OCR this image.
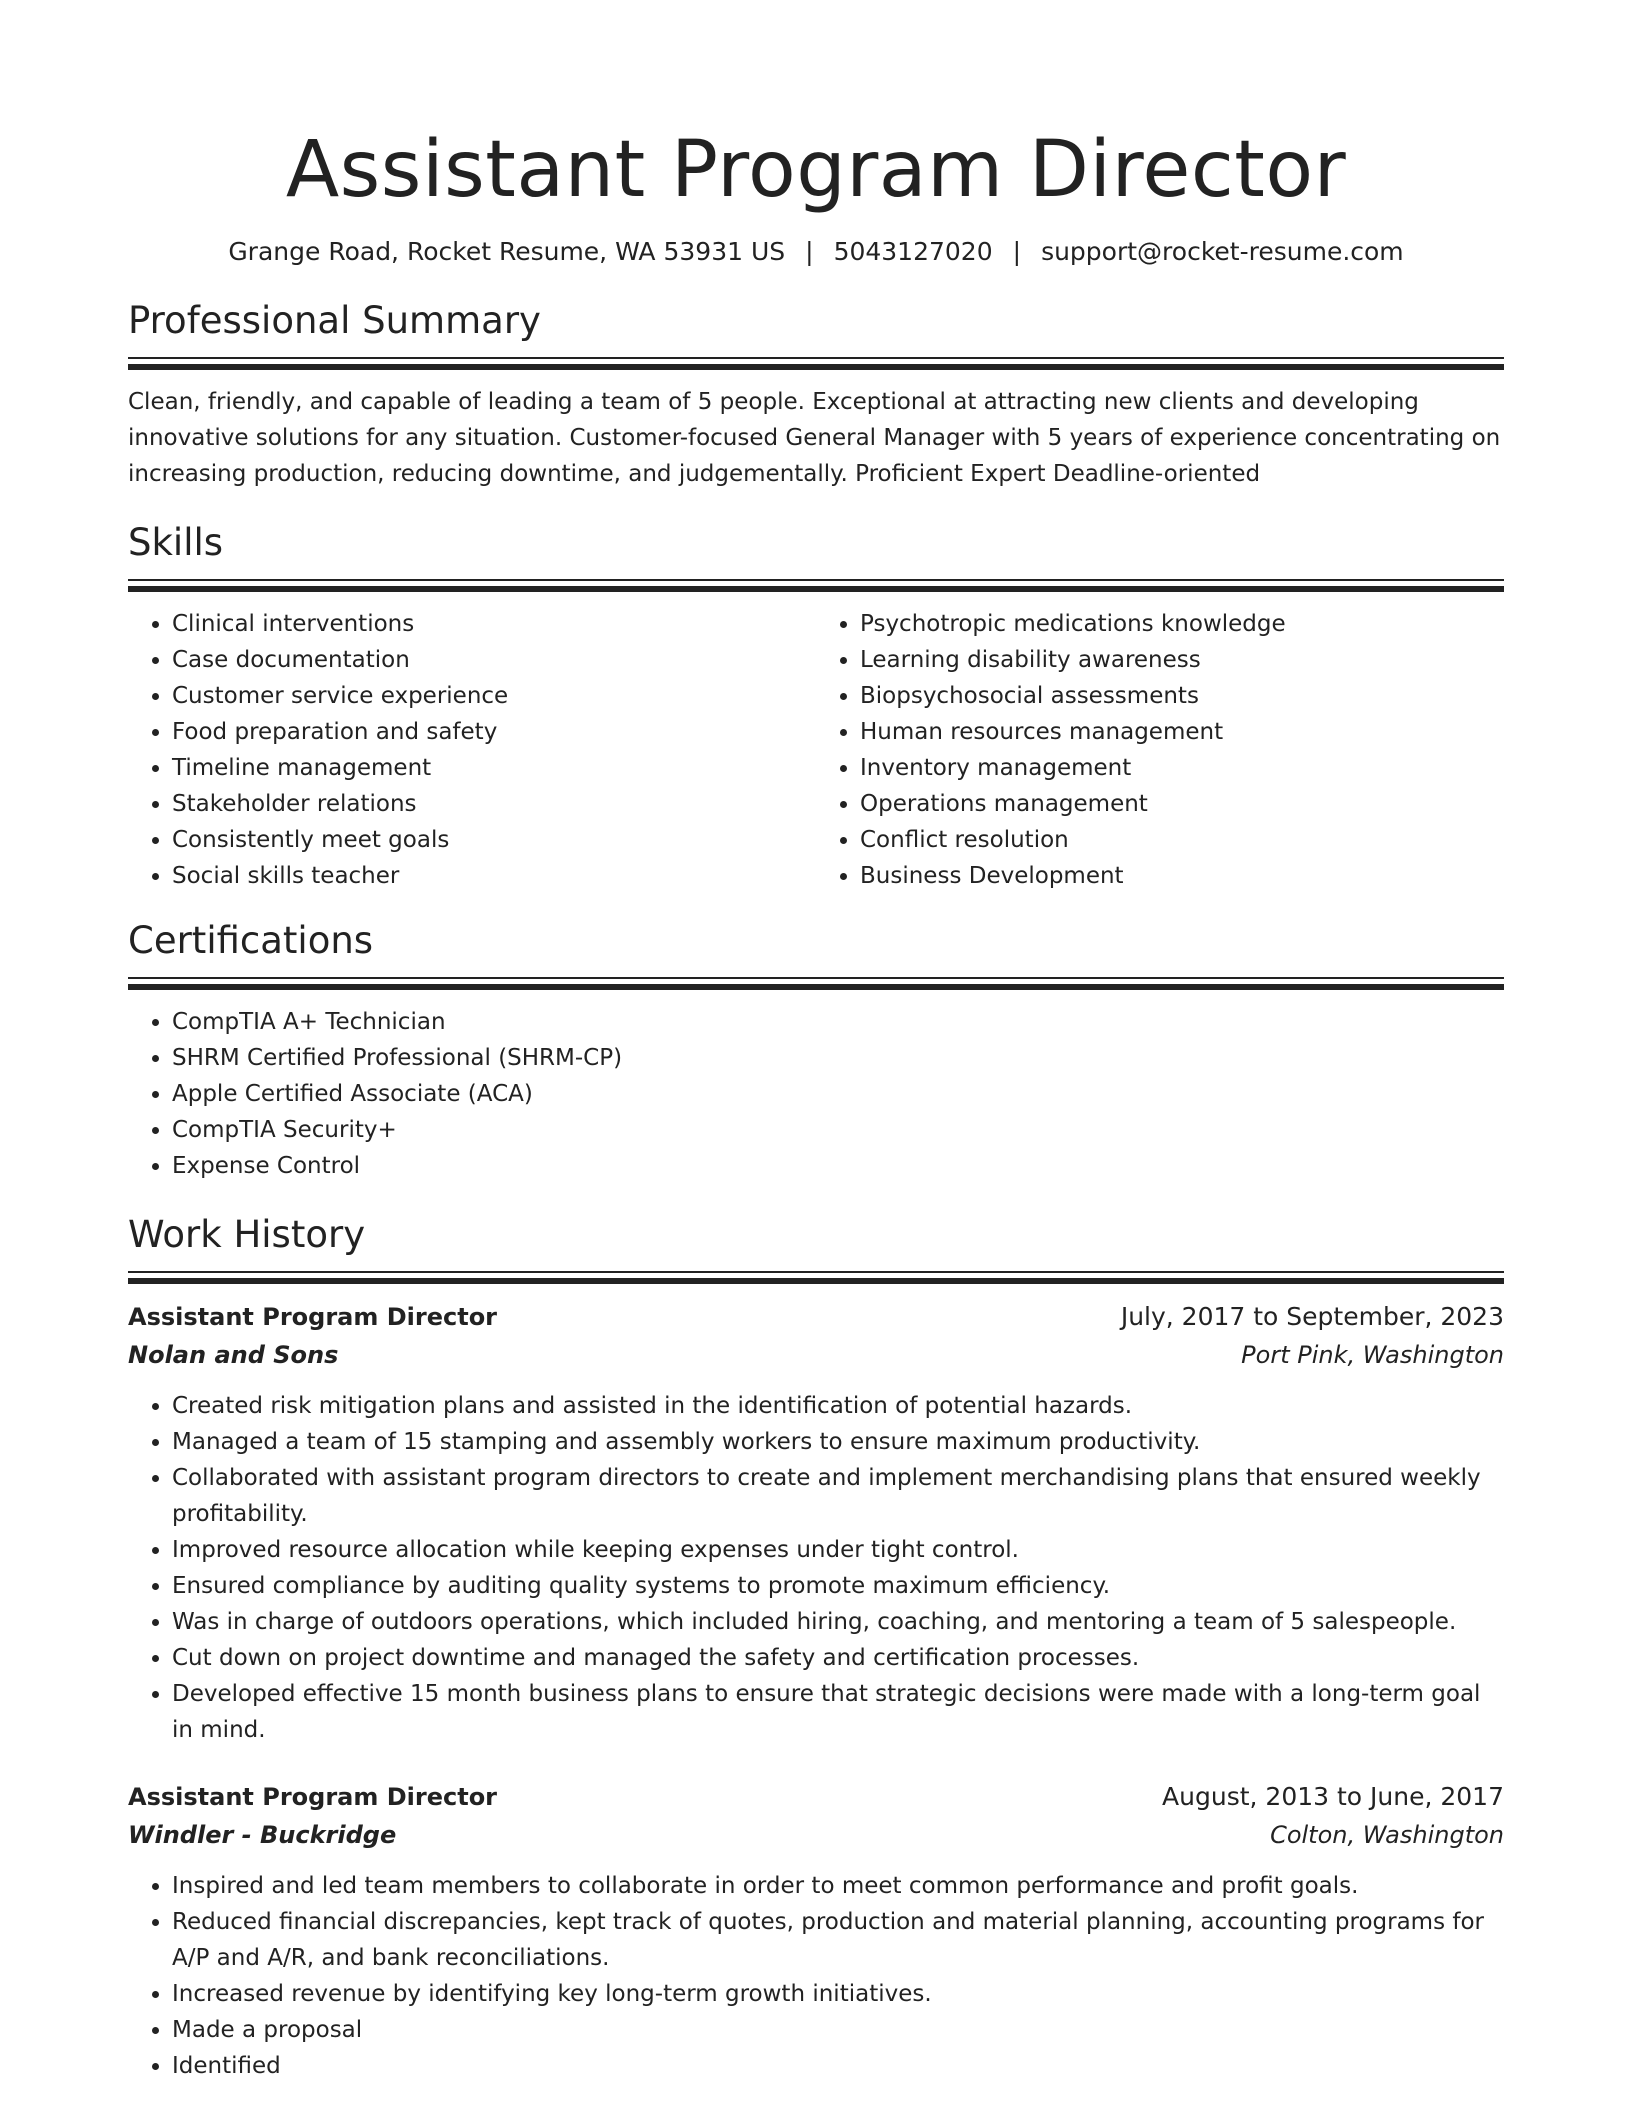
Assistant Program Director
Grange Road, Rocket Resume, WA 53931 US | 5043127020 | support@rocket-resume.com
Professional Summary

Clean, friendly, and capable of leading a team of 5 people. Exceptional at attracting new clients and developing innovative solutions for any situation. Customer-focused General Manager with 5 years of experience concentrating on increasing production, reducing downtime, and judgementally. Proficient Expert Deadline-oriented

Skills
• Clinical interventions
• Case documentation
• Customer service experience
• Food preparation and safety
• Timeline management
• Stakeholder relations
• Consistently meet goals
• Social skills teacher
• Psychotropic medications knowledge
• Learning disability awareness
• Biopsychosocial assessments
• Human resources management
• Inventory management
• Operations management
• Conflict resolution
• Business Development
Certifications
• CompTIA A+ Technician
• SHRM Certified Professional (SHRM-CP)
• Apple Certified Associate (ACA)
• CompTIA Security+
• Expense Control
Work History
Assistant Program Director	July, 2017 to September, 2023
Nolan and Sons	Port Pink, Washington
• Created risk mitigation plans and assisted in the identification of potential hazards.
• Managed a team of 15 stamping and assembly workers to ensure maximum productivity.
• Collaborated with assistant program directors to create and implement merchandising plans that ensured weekly profitability.
• Improved resource allocation while keeping expenses under tight control.
• Ensured compliance by auditing quality systems to promote maximum efficiency.
• Was in charge of outdoors operations, which included hiring, coaching, and mentoring a team of 5 salespeople.
• Cut down on project downtime and managed the safety and certification processes.
• Developed effective 15 month business plans to ensure that strategic decisions were made with a long-term goal in mind.
Assistant Program Director	August, 2013 to June, 2017
Windler - Buckridge	Colton, Washington
• Inspired and led team members to collaborate in order to meet common performance and profit goals.
• Reduced financial discrepancies, kept track of quotes, production and material planning, accounting programs for A/P and A/R, and bank reconciliations.
• Increased revenue by identifying key long-term growth initiatives.
• Made a proposal
• Identified
